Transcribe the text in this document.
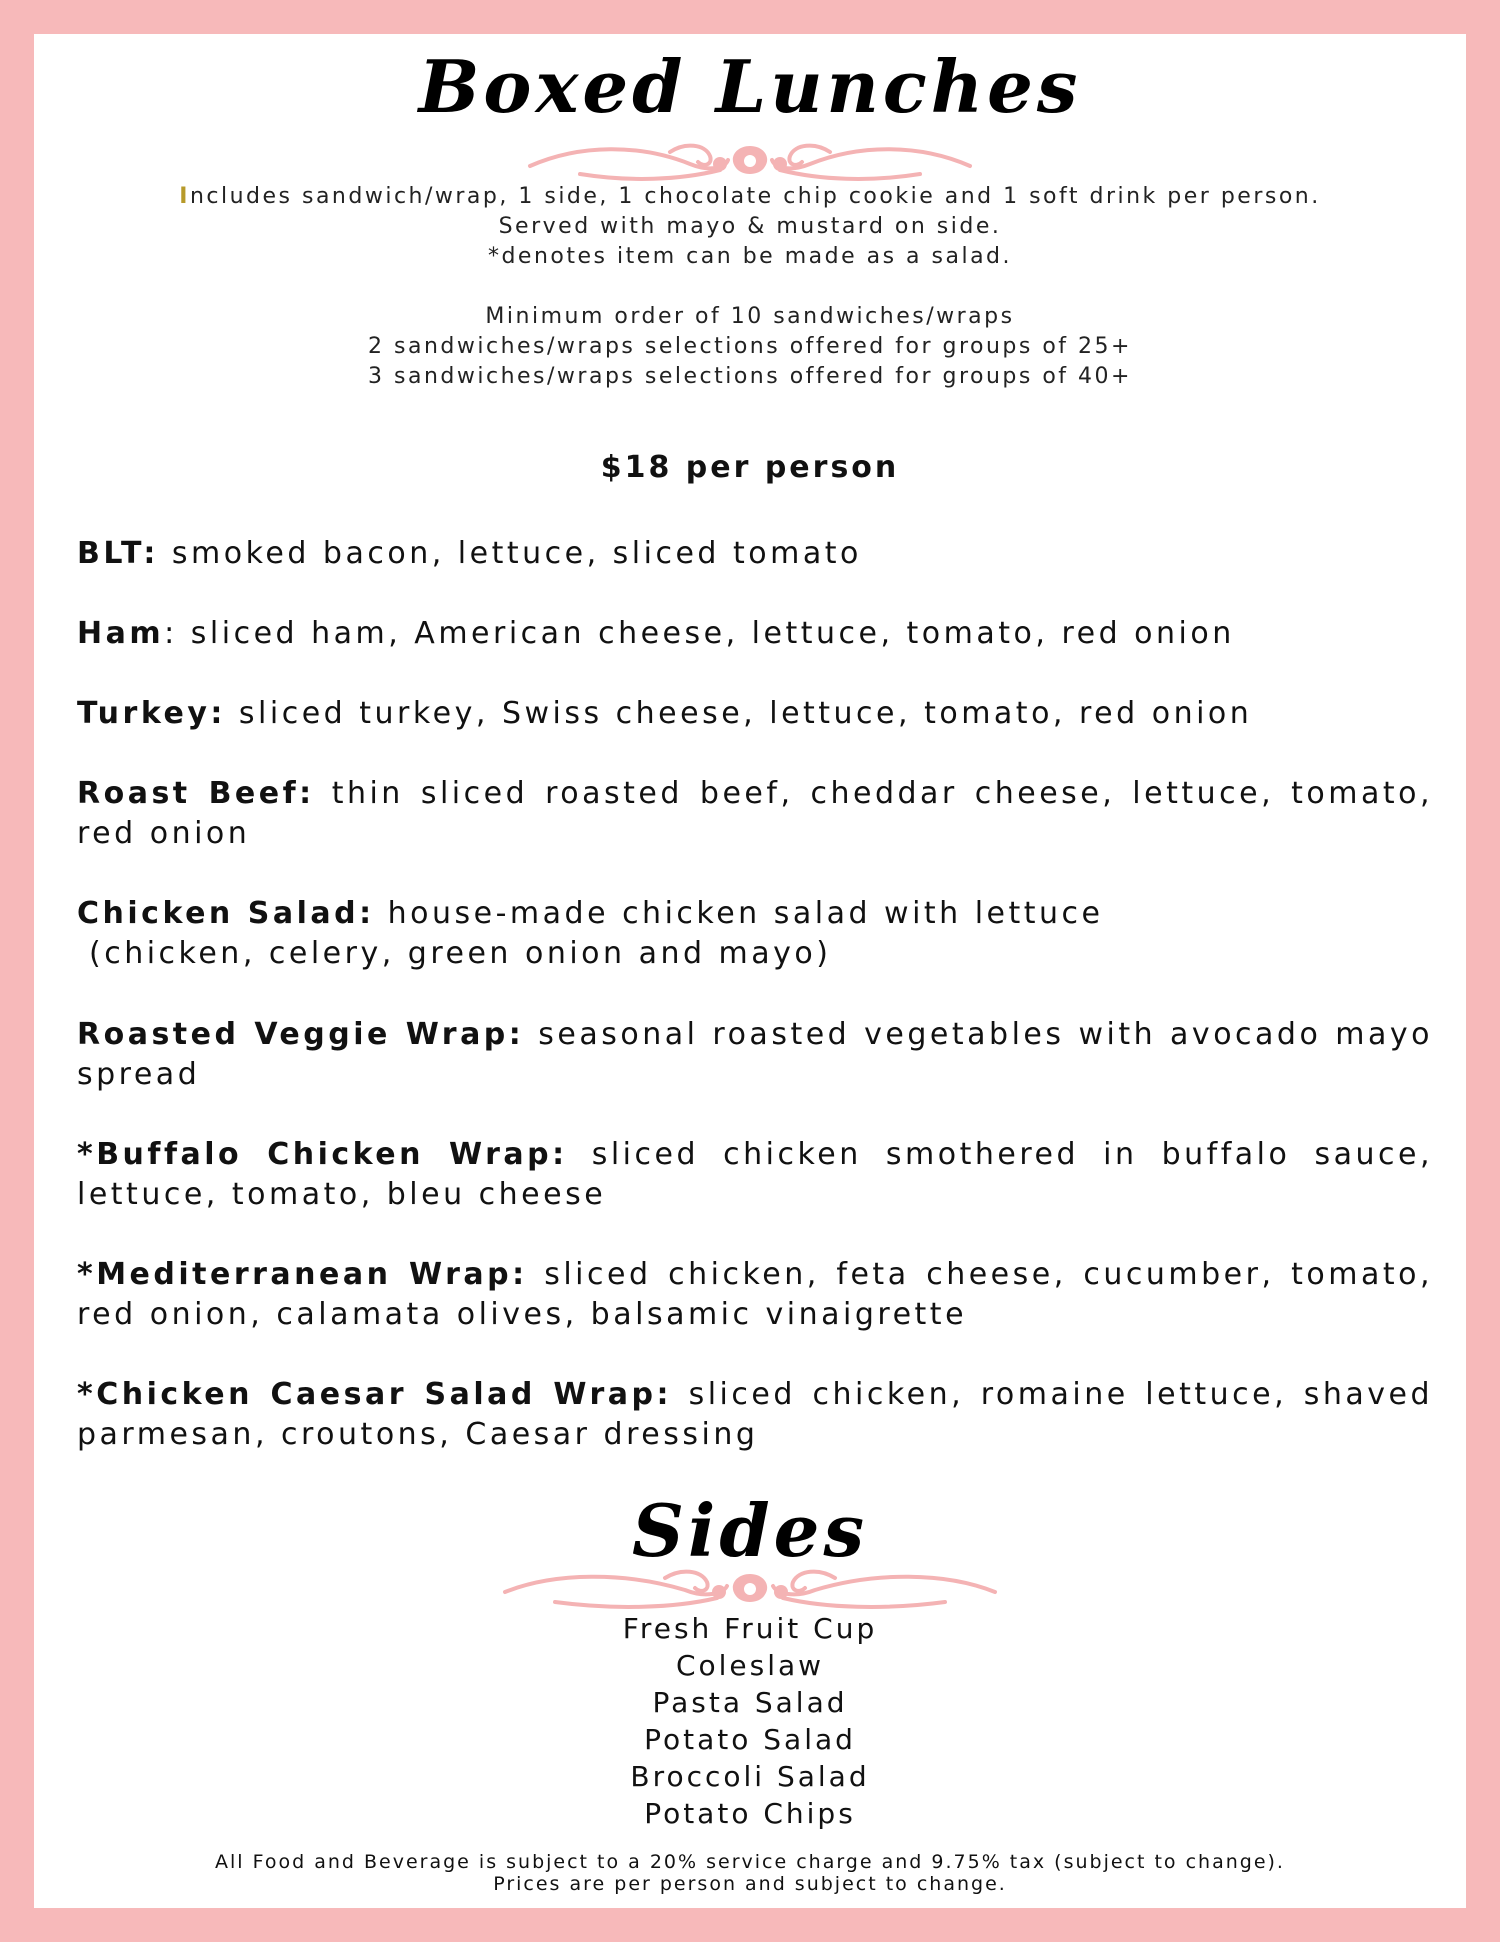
Boxed Lunches
Includes sandwich/wrap, 1 side, 1 chocolate chip cookie and 1 soft drink per person.
Served with mayo & mustard on side.
*denotes item can be made as a salad.
Minimum order of 10 sandwiches/wraps
2 sandwiches/wraps selections offered for groups of 25+
3 sandwiches/wraps selections offered for groups of 40+
$18 per person
BLT: smoked bacon, lettuce, sliced tomato
Ham: sliced ham, American cheese, lettuce, tomato, red onion
Turkey: sliced turkey, Swiss cheese, lettuce, tomato, red onion
Roast Beef: thin sliced roasted beef, cheddar cheese, lettuce, tomato, red onion
Chicken Salad: house-made chicken salad with lettuce
(chicken, celery, green onion and mayo)
Roasted Veggie Wrap: seasonal roasted vegetables with avocado mayo spread
*Buffalo Chicken Wrap: sliced chicken smothered in buffalo sauce, lettuce, tomato, bleu cheese
*Mediterranean Wrap: sliced chicken, feta cheese, cucumber, tomato, red onion, calamata olives, balsamic vinaigrette
*Chicken Caesar Salad Wrap: sliced chicken, romaine lettuce, shaved parmesan, croutons, Caesar dressing
Sides
Fresh Fruit Cup
Coleslaw
Pasta Salad
Potato Salad
Broccoli Salad
Potato Chips
All Food and Beverage is subject to a 20% service charge and 9.75% tax (subject to change).
Prices are per person and subject to change.
